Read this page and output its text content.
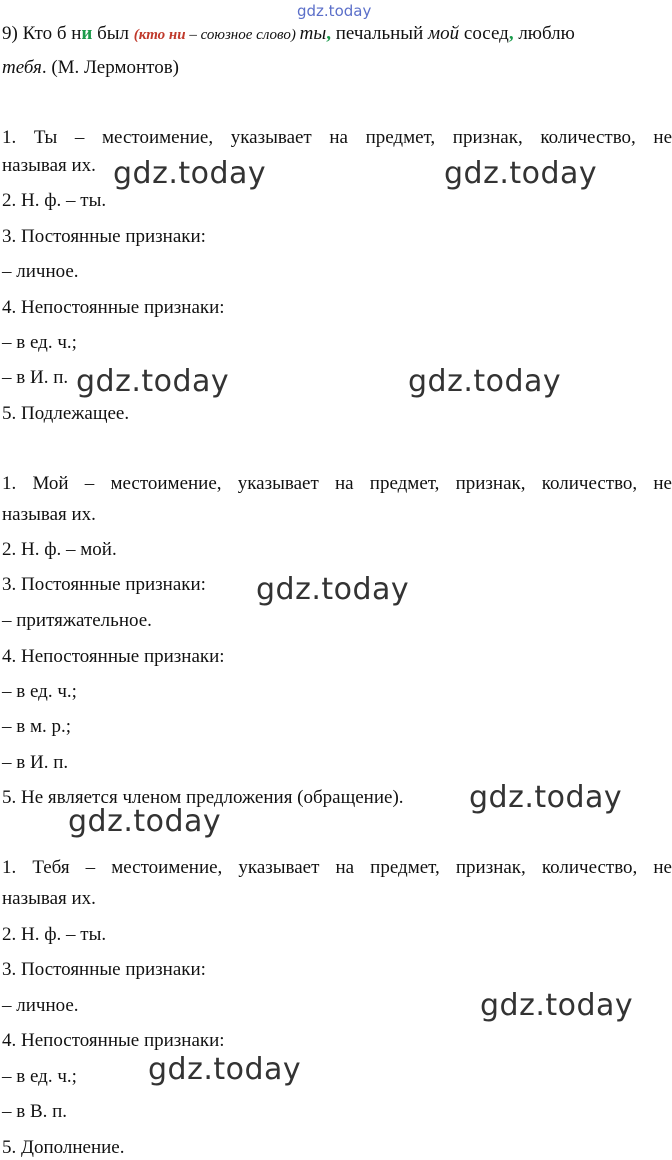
gdz.today
9) Кто б ни был (кто ни – союзное слово) ты, печальный мой сосед, люблю
тебя. (М. Лермонтов)
1. Ты – местоимение, указывает на предмет, признак, количество, не
называя их.
2. Н. ф. – ты.
3. Постоянные признаки:
– личное.
4. Непостоянные признаки:
– в ед. ч.;
– в И. п.
5. Подлежащее.
1. Мой – местоимение, указывает на предмет, признак, количество, не
называя их.
2. Н. ф. – мой.
3. Постоянные признаки:
– притяжательное.
4. Непостоянные признаки:
– в ед. ч.;
– в м. р.;
– в И. п.
5. Не является членом предложения (обращение).
1. Тебя – местоимение, указывает на предмет, признак, количество, не
называя их.
2. Н. ф. – ты.
3. Постоянные признаки:
– личное.
4. Непостоянные признаки:
– в ед. ч.;
– в В. п.
5. Дополнение.
gdz.today	gdz.today
gdz.today	gdz.today
gdz.today
gdz.today
gdz.today
gdz.today
gdz.today
